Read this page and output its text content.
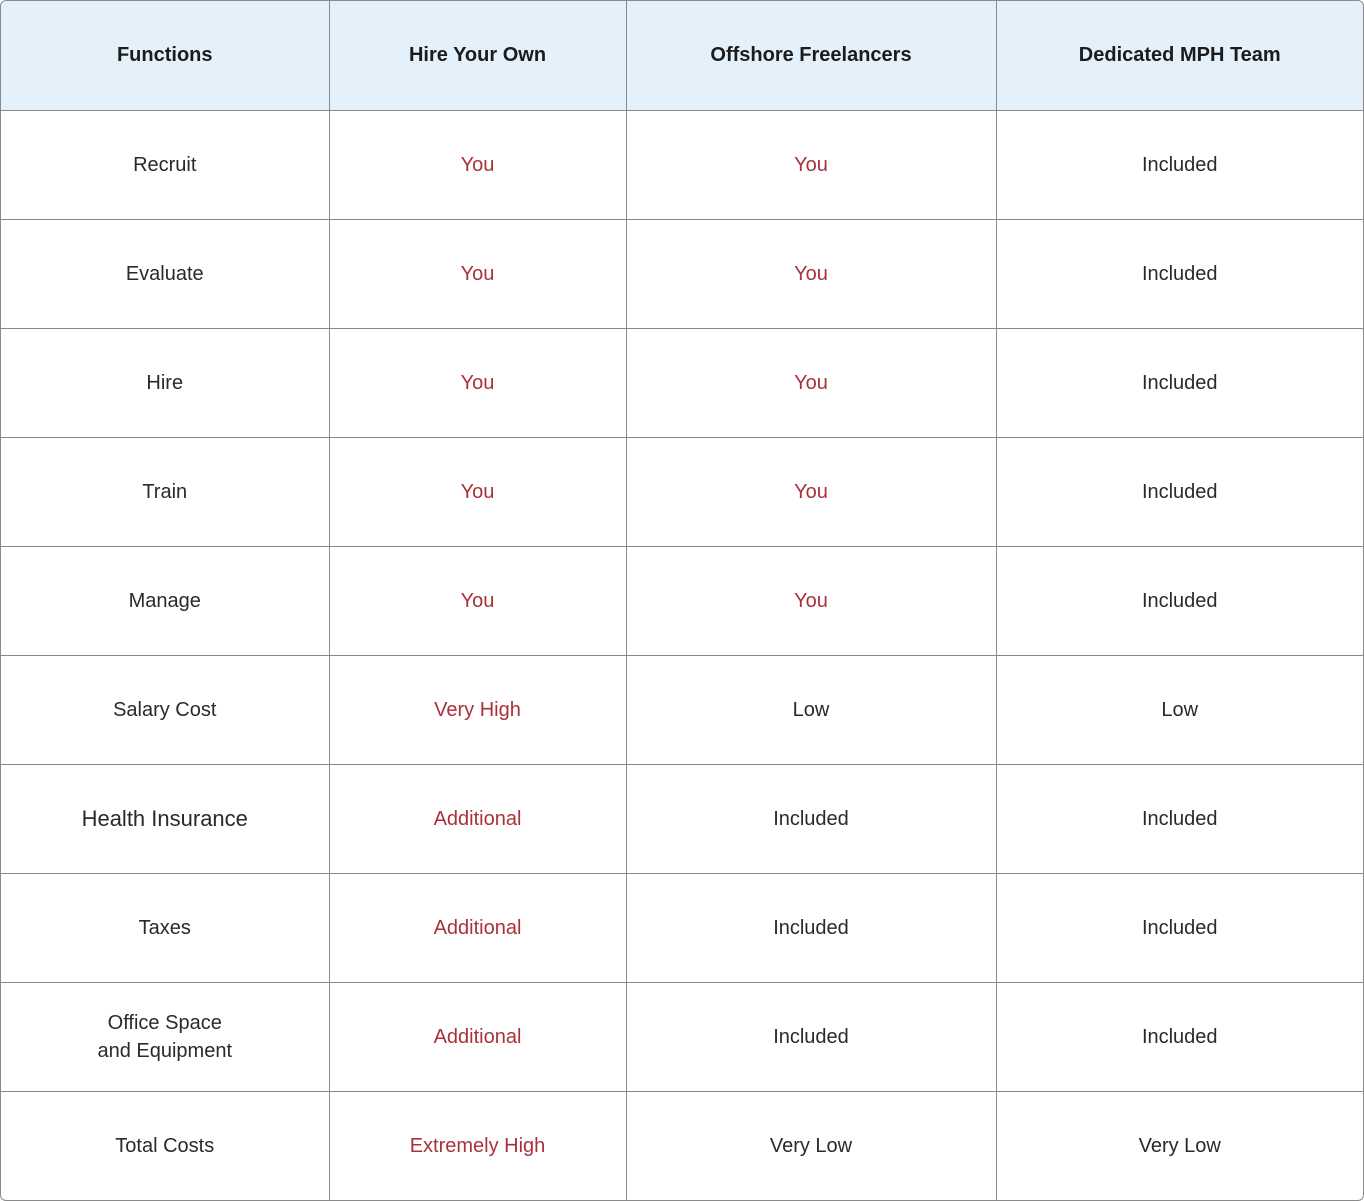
Functions	Hire Your Own	Offshore Freelancers	Dedicated MPH Team
Recruit	You	You	Included
Evaluate	You	You	Included
Hire	You	You	Included
Train	You	You	Included
Manage	You	You	Included
Salary Cost	Very High	Low	Low
Health Insurance	Additional	Included	Included
Taxes	Additional	Included	Included
Office Space
and Equipment	Additional	Included	Included
Total Costs	Extremely High	Very Low	Very Low
